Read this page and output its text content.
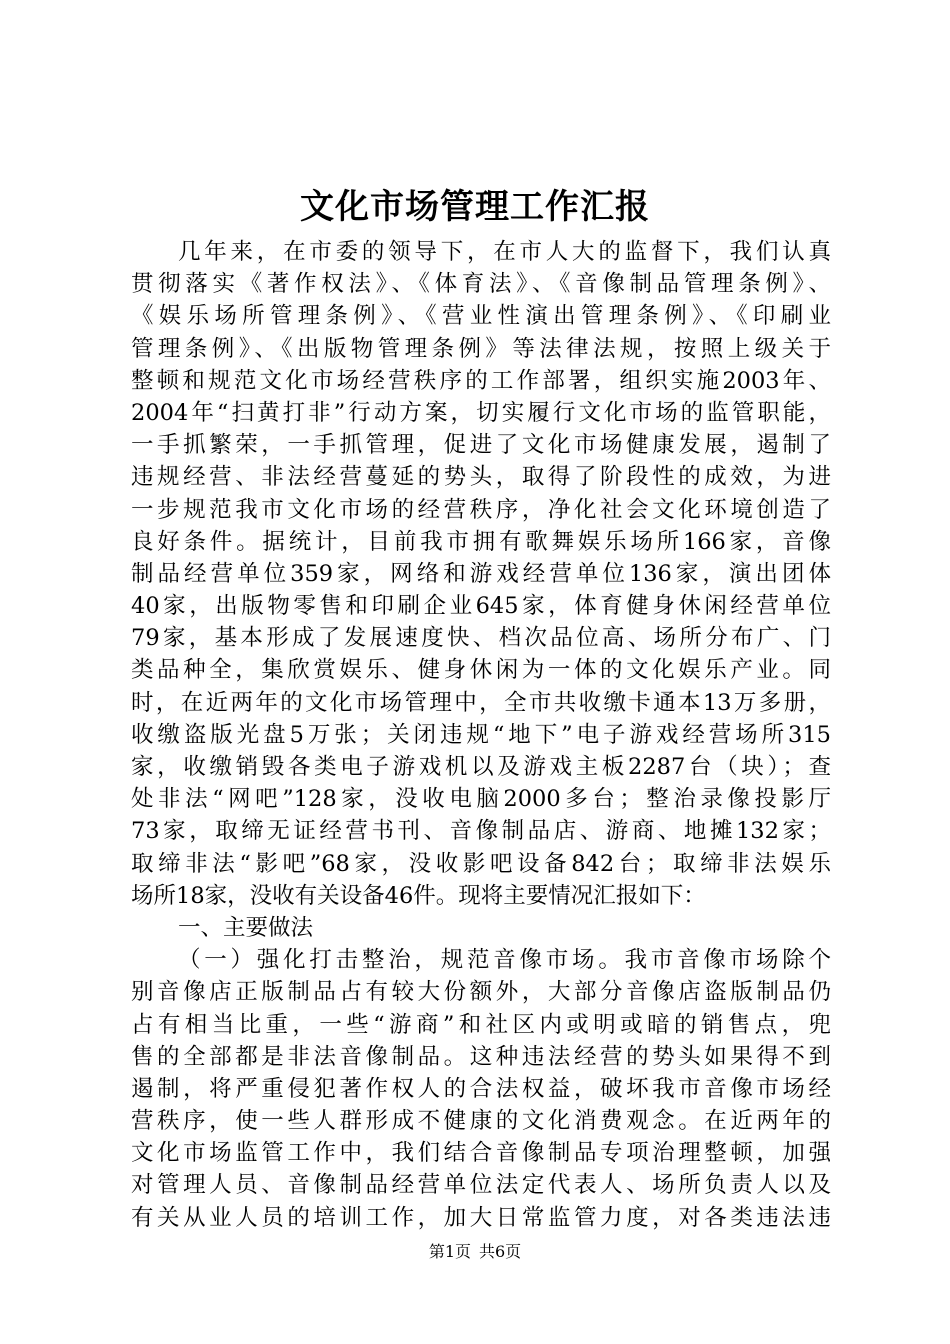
文化市场管理工作汇报
几年来，在市委的领导下，在市人大的监督下，我们认真
贯彻落实《著作权法》、《体育法》、《音像制品管理条例》、
《娱乐场所管理条例》、《营业性演出管理条例》、《印刷业
管理条例》、《出版物管理条例》等法律法规，按照上级关于
整顿和规范文化市场经营秩序的工作部署，组织实施2003年、
2004年“扫黄打非”行动方案，切实履行文化市场的监管职能，
一手抓繁荣，一手抓管理，促进了文化市场健康发展，遏制了
违规经营、非法经营蔓延的势头，取得了阶段性的成效，为进
一步规范我市文化市场的经营秩序，净化社会文化环境创造了
良好条件。据统计，目前我市拥有歌舞娱乐场所166家，音像
制品经营单位359家，网络和游戏经营单位136家，演出团体
40家，出版物零售和印刷企业645家，体育健身休闲经营单位
79家，基本形成了发展速度快、档次品位高、场所分布广、门
类品种全，集欣赏娱乐、健身休闲为一体的文化娱乐产业。同
时，在近两年的文化市场管理中，全市共收缴卡通本13万多册，
收缴盗版光盘5万张；关闭违规“地下”电子游戏经营场所315
家，收缴销毁各类电子游戏机以及游戏主板2287台（块）；查
处非法“网吧”128家，没收电脑2000多台；整治录像投影厅
73家，取缔无证经营书刊、音像制品店、游商、地摊132家；
取缔非法“影吧”68家，没收影吧设备842台；取缔非法娱乐
场所18家，没收有关设备46件。现将主要情况汇报如下：
一、主要做法
（一）强化打击整治，规范音像市场。我市音像市场除个
别音像店正版制品占有较大份额外，大部分音像店盗版制品仍
占有相当比重，一些“游商”和社区内或明或暗的销售点，兜
售的全部都是非法音像制品。这种违法经营的势头如果得不到
遏制，将严重侵犯著作权人的合法权益，破坏我市音像市场经
营秩序，使一些人群形成不健康的文化消费观念。在近两年的
文化市场监管工作中，我们结合音像制品专项治理整顿，加强
对管理人员、音像制品经营单位法定代表人、场所负责人以及
有关从业人员的培训工作，加大日常监管力度，对各类违法违
第1页 共6页
